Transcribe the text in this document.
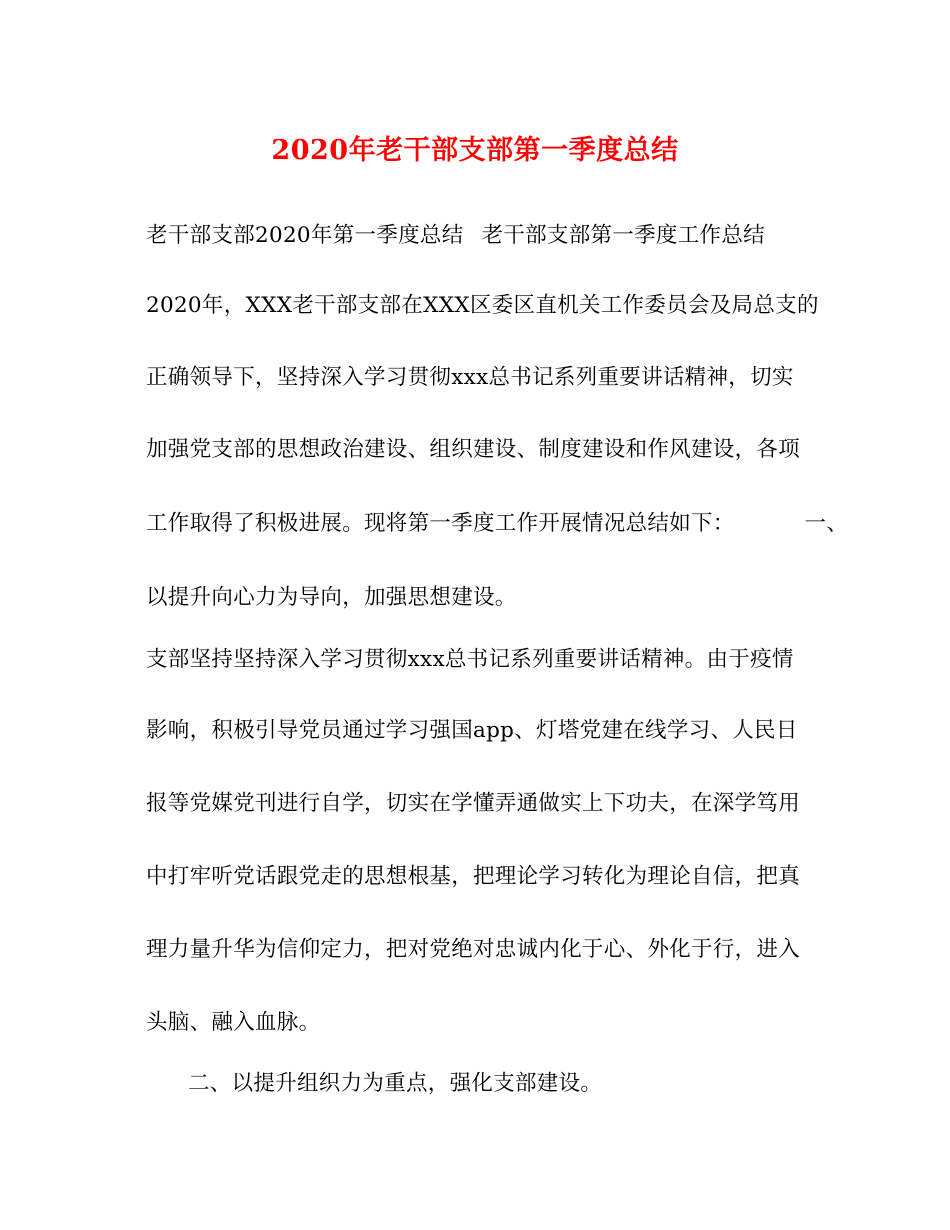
2020年老干部支部第一季度总结
老干部支部2020年第一季度总结 老干部支部第一季度工作总结
2020年，XXX老干部支部在XXX区委区直机关工作委员会及局总支的
正确领导下，坚持深入学习贯彻xxx总书记系列重要讲话精神，切实
加强党支部的思想政治建设、组织建设、制度建设和作风建设，各项
工作取得了积极进展。现将第一季度工作开展情况总结如下：	一、
以提升向心力为导向，加强思想建设。
支部坚持坚持深入学习贯彻xxx总书记系列重要讲话精神。由于疫情
影响，积极引导党员通过学习强国app、灯塔党建在线学习、人民日
报等党媒党刊进行自学，切实在学懂弄通做实上下功夫，在深学笃用
中打牢听党话跟党走的思想根基，把理论学习转化为理论自信，把真
理力量升华为信仰定力，把对党绝对忠诚内化于心、外化于行，进入
头脑、融入血脉。
二、以提升组织力为重点，强化支部建设。
